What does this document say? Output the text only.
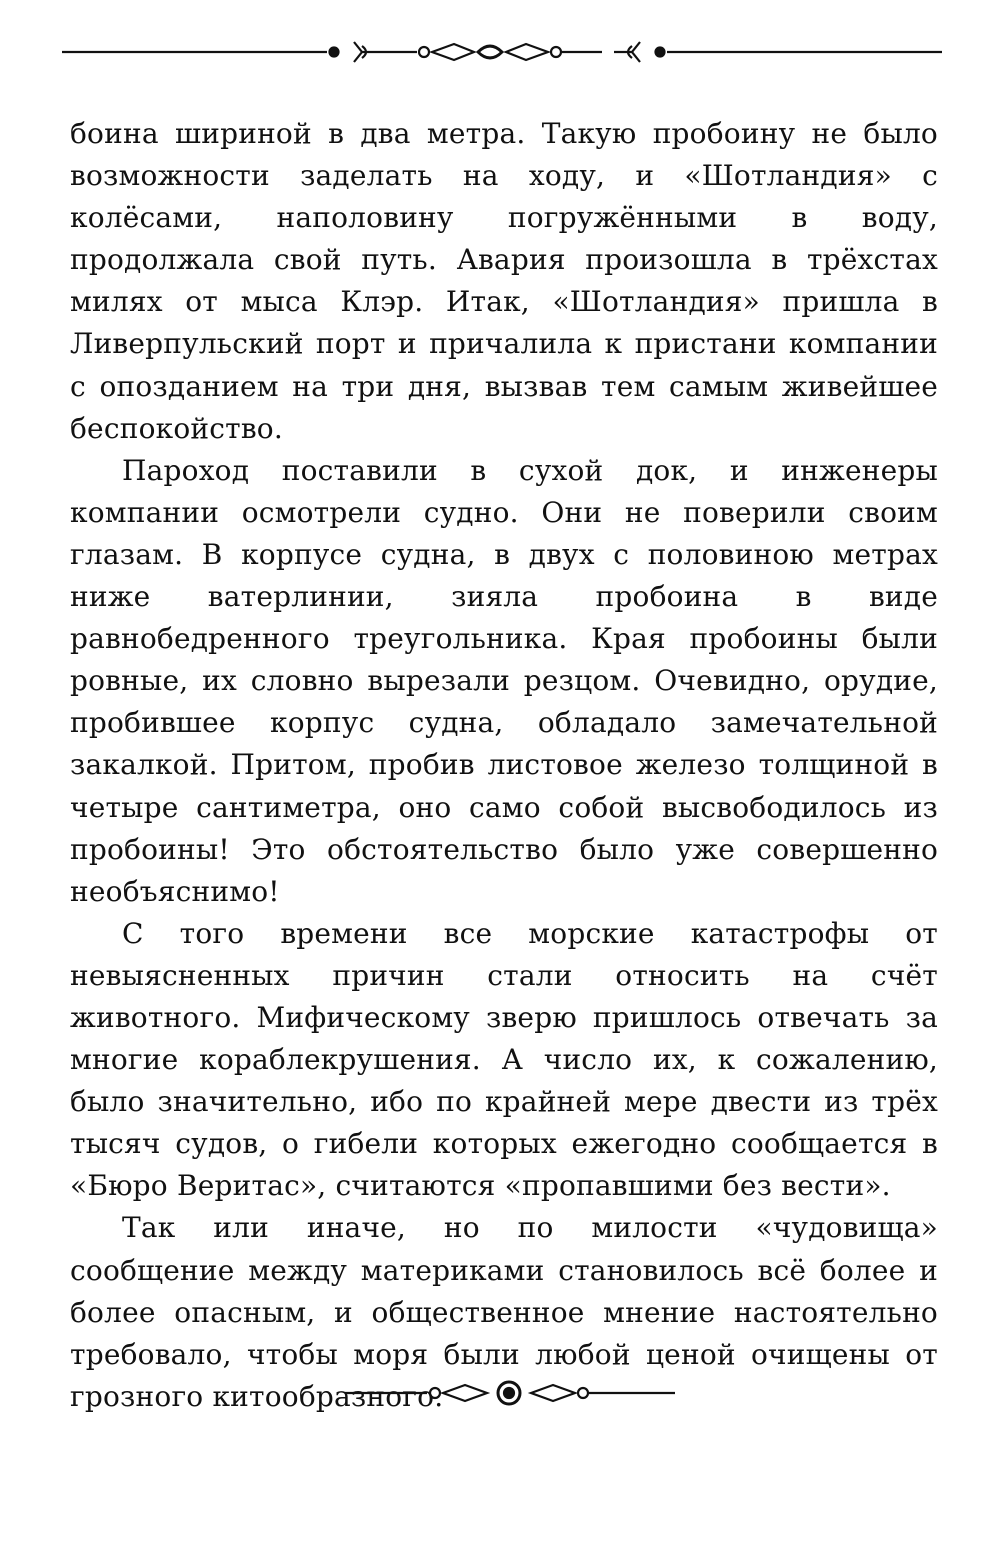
боина шириной в два метра. Такую пробоину не было возможности заделать на ходу, и «Шотландия» с колёсами, наполовину погружёнными в воду, продолжала свой путь. Авария произошла в трёхстах милях от мыса Клэр. Итак, «Шотландия» пришла в Ливерпульский порт и причалила к пристани компании с опозданием на три дня, вызвав тем самым живейшее беспокойство.

Пароход поставили в сухой док, и инженеры компании осмотрели судно. Они не поверили своим глазам. В корпусе судна, в двух с половиною метрах ниже ватерлинии, зияла пробоина в виде равнобедренного треугольника. Края пробоины были ровные, их словно вырезали резцом. Очевидно, орудие, пробившее корпус судна, обладало замечательной закалкой. Притом, пробив листовое железо толщиной в четыре сантиметра, оно само собой высвободилось из пробоины! Это обстоятельство было уже совершенно необъяснимо!

С того времени все морские катастрофы от невыясненных причин стали относить на счёт животного. Мифическому зверю пришлось отвечать за многие кораблекрушения. А число их, к сожалению, было значительно, ибо по крайней мере двести из трёх тысяч судов, о гибели которых ежегодно сообщается в «Бюро Веритас», считаются «пропавшими без вести».

Так или иначе, но по милости «чудовища» сообщение между материками становилось всё более и более опасным, и общественное мнение настоятельно требовало, чтобы моря были любой ценой очищены от грозного китообразного.
